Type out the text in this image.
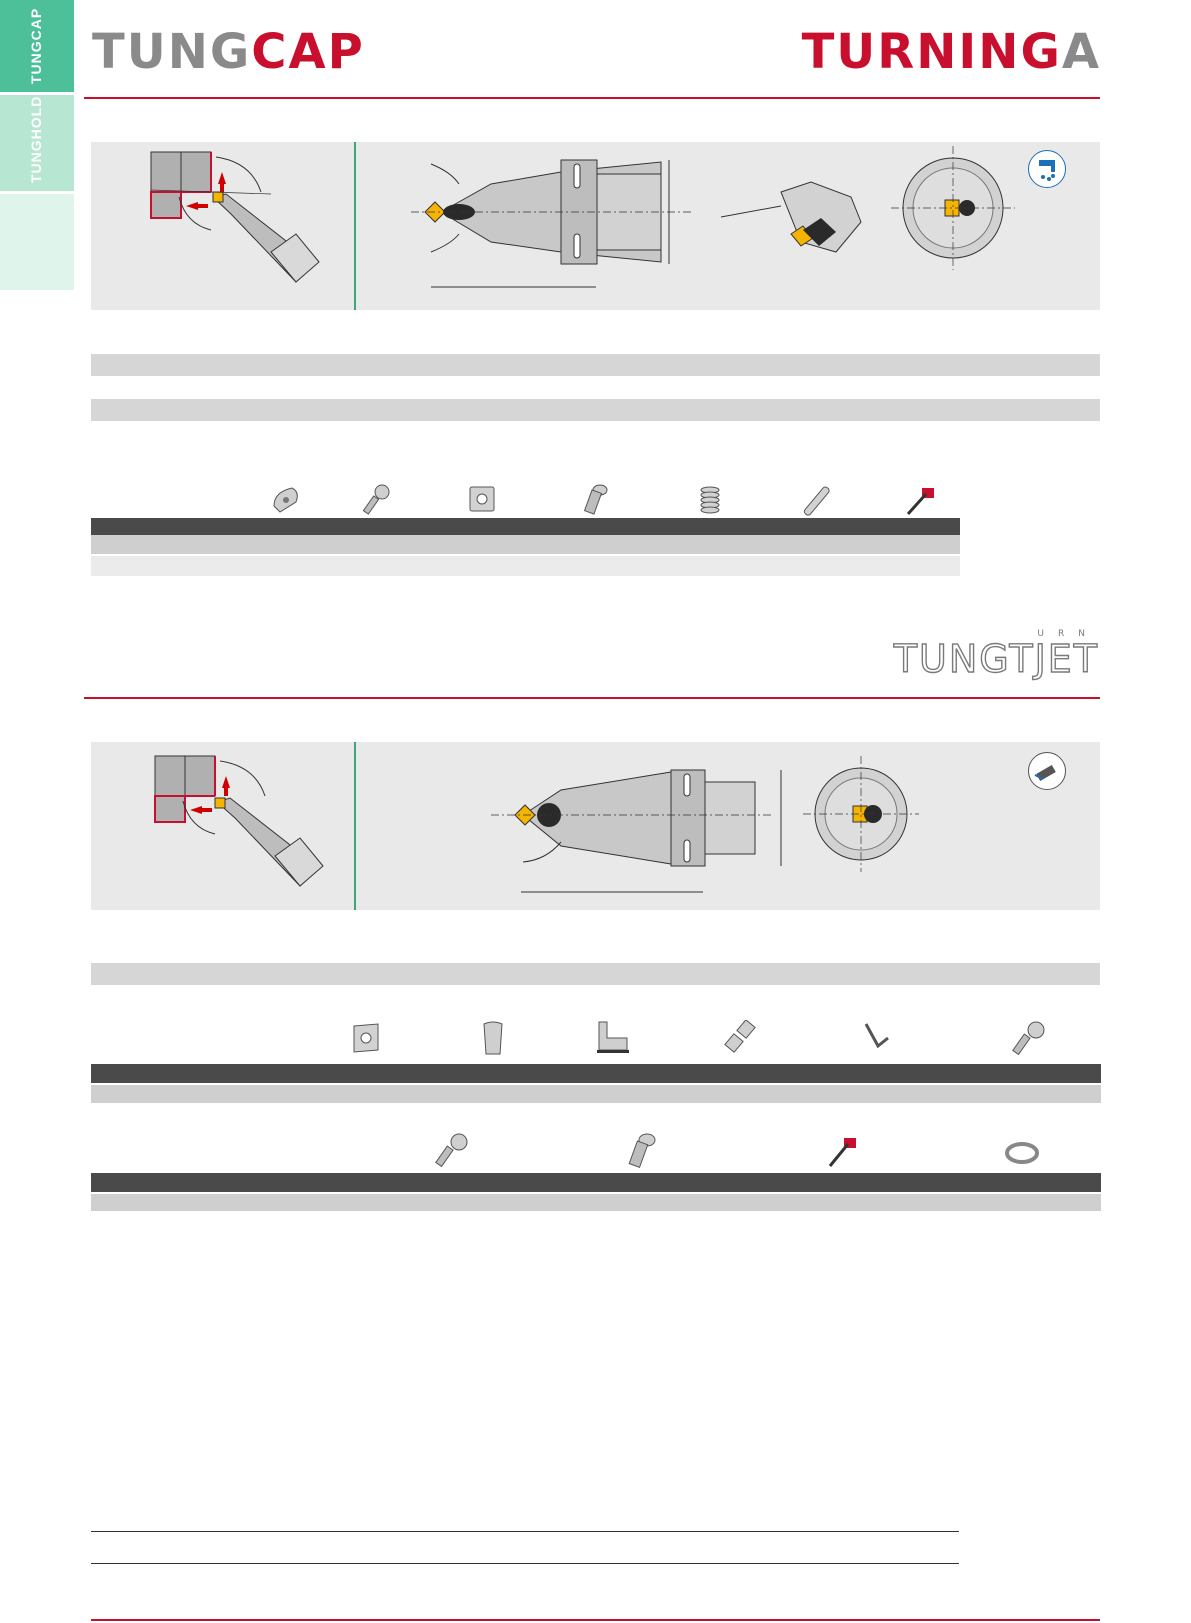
TUNGCAP
TUNGHOLD
TUNGCAP	TURNINGA
TUNGTJET
URN
